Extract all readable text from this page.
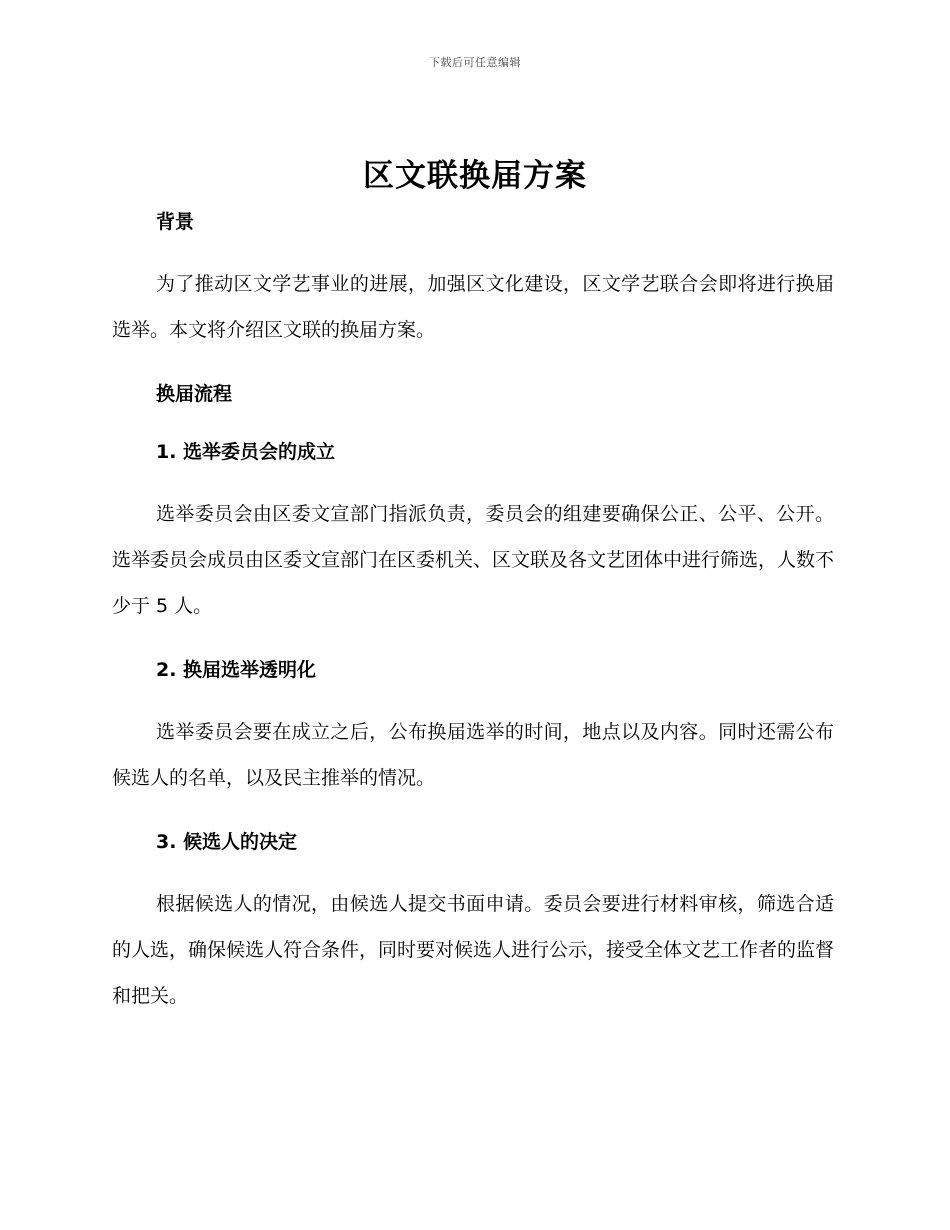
下载后可任意编辑
区文联换届方案

背景

为了推动区文学艺事业的进展，加强区文化建设，区文学艺联合会即将进行换届选举。本文将介绍区文联的换届方案。

换届流程

1. 选举委员会的成立

选举委员会由区委文宣部门指派负责，委员会的组建要确保公正、公平、公开。选举委员会成员由区委文宣部门在区委机关、区文联及各文艺团体中进行筛选，人数不少于 5 人。

2. 换届选举透明化

选举委员会要在成立之后，公布换届选举的时间，地点以及内容。同时还需公布候选人的名单，以及民主推举的情况。

3. 候选人的决定

根据候选人的情况，由候选人提交书面申请。委员会要进行材料审核，筛选合适的人选，确保候选人符合条件，同时要对候选人进行公示，接受全体文艺工作者的监督和把关。
